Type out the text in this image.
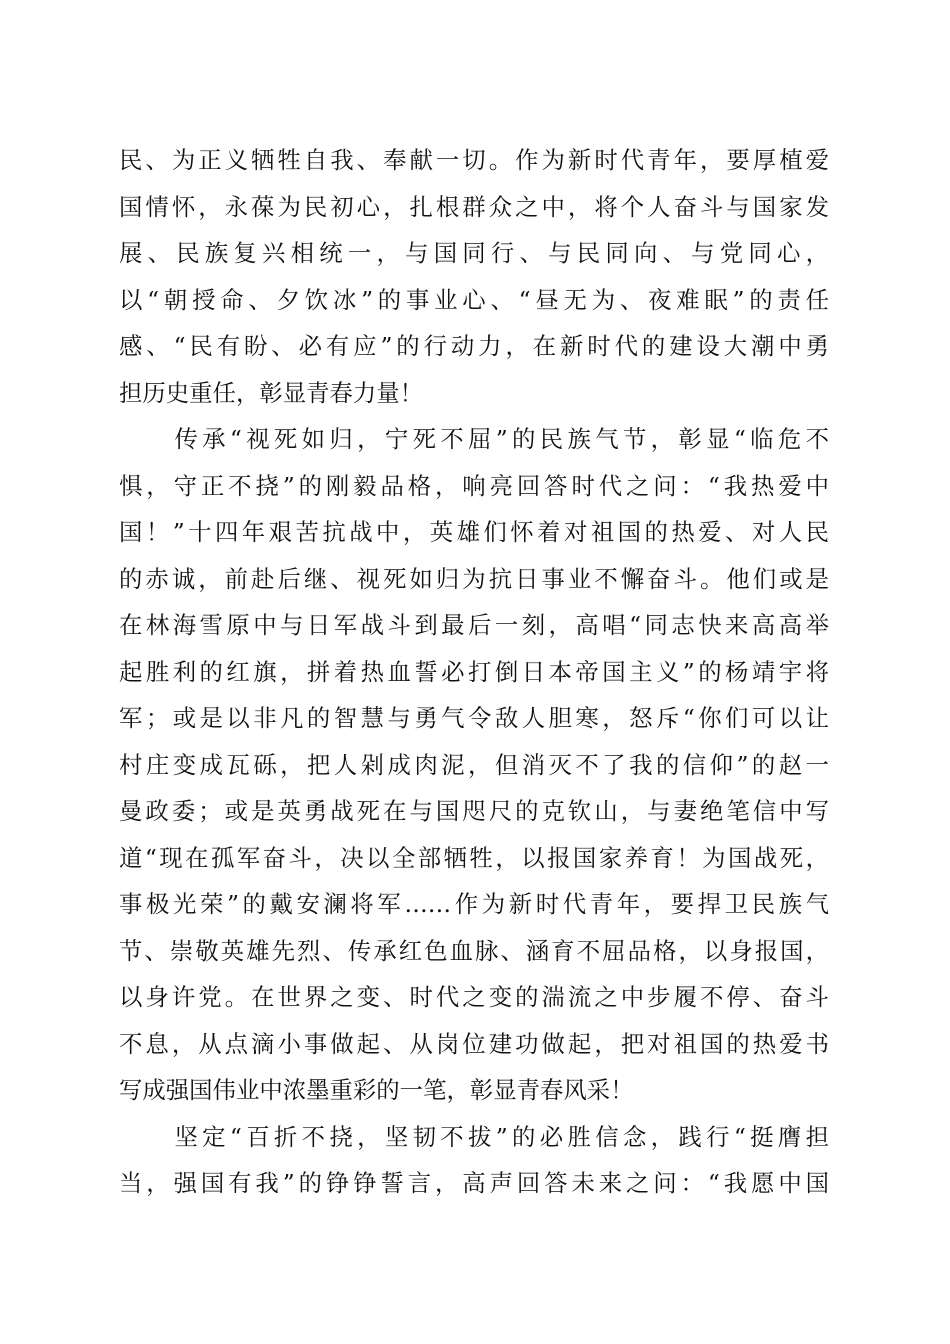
民、为正义牺牲自我、奉献一切。作为新时代青年，要厚植爱

国情怀，永葆为民初心，扎根群众之中，将个人奋斗与国家发

展、民族复兴相统一，与国同行、与民同向、与党同心，

以“朝授命、夕饮冰”的事业心、“昼无为、夜难眠”的责任

感、“民有盼、必有应”的行动力，在新时代的建设大潮中勇

担历史重任，彰显青春力量！

　　传承“视死如归，宁死不屈”的民族气节，彰显“临危不

惧，守正不挠”的刚毅品格，响亮回答时代之问：“我热爱中

国！”十四年艰苦抗战中，英雄们怀着对祖国的热爱、对人民

的赤诚，前赴后继、视死如归为抗日事业不懈奋斗。他们或是

在林海雪原中与日军战斗到最后一刻，高唱“同志快来高高举

起胜利的红旗，拼着热血誓必打倒日本帝国主义”的杨靖宇将

军；或是以非凡的智慧与勇气令敌人胆寒，怒斥“你们可以让

村庄变成瓦砾，把人剁成肉泥，但消灭不了我的信仰”的赵一

曼政委；或是英勇战死在与国咫尺的克钦山，与妻绝笔信中写

道“现在孤军奋斗，决以全部牺牲，以报国家养育！为国战死，

事极光荣”的戴安澜将军……作为新时代青年，要捍卫民族气

节、崇敬英雄先烈、传承红色血脉、涵育不屈品格，以身报国，

以身许党。在世界之变、时代之变的湍流之中步履不停、奋斗

不息，从点滴小事做起、从岗位建功做起，把对祖国的热爱书

写成强国伟业中浓墨重彩的一笔，彰显青春风采！

　　坚定“百折不挠，坚韧不拔”的必胜信念，践行“挺膺担

当，强国有我”的铮铮誓言，高声回答未来之问：“我愿中国
